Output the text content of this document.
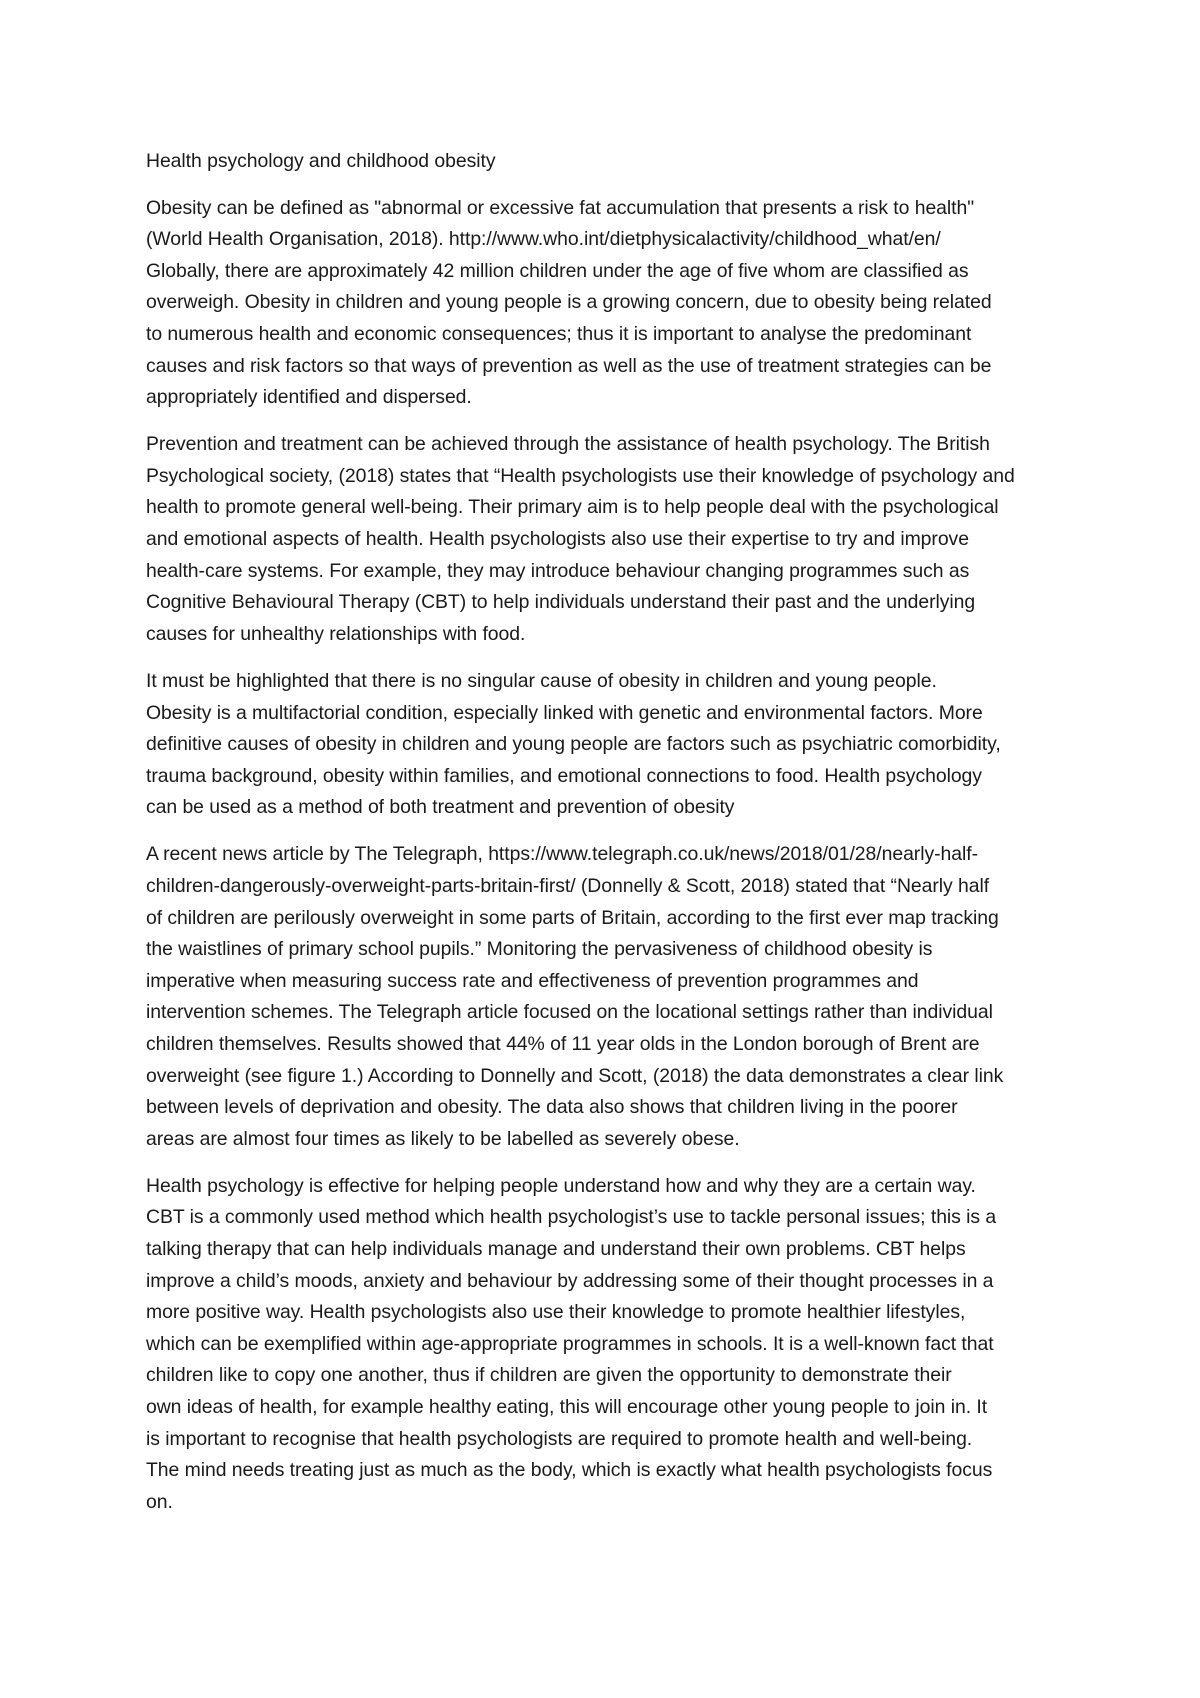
Health psychology and childhood obesity

Obesity can be defined as "abnormal or excessive fat accumulation that presents a risk to health"
(World Health Organisation, 2018). http://www.who.int/dietphysicalactivity/childhood_what/en/
Globally, there are approximately 42 million children under the age of five whom are classified as
overweigh. Obesity in children and young people is a growing concern, due to obesity being related
to numerous health and economic consequences; thus it is important to analyse the predominant
causes and risk factors so that ways of prevention as well as the use of treatment strategies can be
appropriately identified and dispersed.

Prevention and treatment can be achieved through the assistance of health psychology. The British
Psychological society, (2018) states that “Health psychologists use their knowledge of psychology and
health to promote general well-being. Their primary aim is to help people deal with the psychological
and emotional aspects of health. Health psychologists also use their expertise to try and improve
health-care systems. For example, they may introduce behaviour changing programmes such as
Cognitive Behavioural Therapy (CBT) to help individuals understand their past and the underlying
causes for unhealthy relationships with food.

It must be highlighted that there is no singular cause of obesity in children and young people.
Obesity is a multifactorial condition, especially linked with genetic and environmental factors. More
definitive causes of obesity in children and young people are factors such as psychiatric comorbidity,
trauma background, obesity within families, and emotional connections to food. Health psychology
can be used as a method of both treatment and prevention of obesity

A recent news article by The Telegraph, https://www.telegraph.co.uk/news/2018/01/28/nearly-half-
children-dangerously-overweight-parts-britain-first/ (Donnelly & Scott, 2018) stated that “Nearly half
of children are perilously overweight in some parts of Britain, according to the first ever map tracking
the waistlines of primary school pupils.” Monitoring the pervasiveness of childhood obesity is
imperative when measuring success rate and effectiveness of prevention programmes and
intervention schemes. The Telegraph article focused on the locational settings rather than individual
children themselves. Results showed that 44% of 11 year olds in the London borough of Brent are
overweight (see figure 1.) According to Donnelly and Scott, (2018) the data demonstrates a clear link
between levels of deprivation and obesity. The data also shows that children living in the poorer
areas are almost four times as likely to be labelled as severely obese.

Health psychology is effective for helping people understand how and why they are a certain way.
CBT is a commonly used method which health psychologist’s use to tackle personal issues; this is a
talking therapy that can help individuals manage and understand their own problems. CBT helps
improve a child’s moods, anxiety and behaviour by addressing some of their thought processes in a
more positive way. Health psychologists also use their knowledge to promote healthier lifestyles,
which can be exemplified within age-appropriate programmes in schools. It is a well-known fact that
children like to copy one another, thus if children are given the opportunity to demonstrate their
own ideas of health, for example healthy eating, this will encourage other young people to join in. It
is important to recognise that health psychologists are required to promote health and well-being.
The mind needs treating just as much as the body, which is exactly what health psychologists focus
on.
